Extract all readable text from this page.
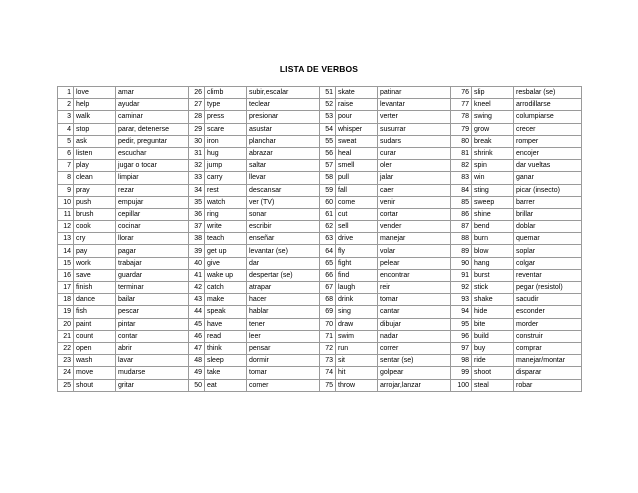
LISTA DE VERBOS
1	love	amar	26	climb	subir,escalar	51	skate	patinar	76	slip	resbalar (se)
2	help	ayudar	27	type	teclear	52	raise	levantar	77	kneel	arrodillarse
3	walk	caminar	28	press	presionar	53	pour	verter	78	swing	columpiarse
4	stop	parar, detenerse	29	scare	asustar	54	whisper	susurrar	79	grow	crecer
5	ask	pedir, preguntar	30	iron	planchar	55	sweat	sudars	80	break	romper
6	listen	escuchar	31	hug	abrazar	56	heal	curar	81	shrink	encojer
7	play	jugar o tocar	32	jump	saltar	57	smell	oler	82	spin	dar vueltas
8	clean	limpiar	33	carry	llevar	58	pull	jalar	83	win	ganar
9	pray	rezar	34	rest	descansar	59	fall	caer	84	sting	picar (insecto)
10	push	empujar	35	watch	ver (TV)	60	come	venir	85	sweep	barrer
11	brush	cepillar	36	ring	sonar	61	cut	cortar	86	shine	brillar
12	cook	cocinar	37	write	escribir	62	sell	vender	87	bend	doblar
13	cry	llorar	38	teach	enseñar	63	drive	manejar	88	burn	quemar
14	pay	pagar	39	get up	levantar (se)	64	fly	volar	89	blow	soplar
15	work	trabajar	40	give	dar	65	fight	pelear	90	hang	colgar
16	save	guardar	41	wake up	despertar (se)	66	find	encontrar	91	burst	reventar
17	finish	terminar	42	catch	atrapar	67	laugh	reir	92	stick	pegar (resistol)
18	dance	bailar	43	make	hacer	68	drink	tomar	93	shake	sacudir
19	fish	pescar	44	speak	hablar	69	sing	cantar	94	hide	esconder
20	paint	pintar	45	have	tener	70	draw	dibujar	95	bite	morder
21	count	contar	46	read	leer	71	swim	nadar	96	build	construir
22	open	abrir	47	think	pensar	72	run	correr	97	buy	comprar
23	wash	lavar	48	sleep	dormir	73	sit	sentar (se)	98	ride	manejar/montar
24	move	mudarse	49	take	tomar	74	hit	golpear	99	shoot	disparar
25	shout	gritar	50	eat	comer	75	throw	arrojar,lanzar	100	steal	robar
